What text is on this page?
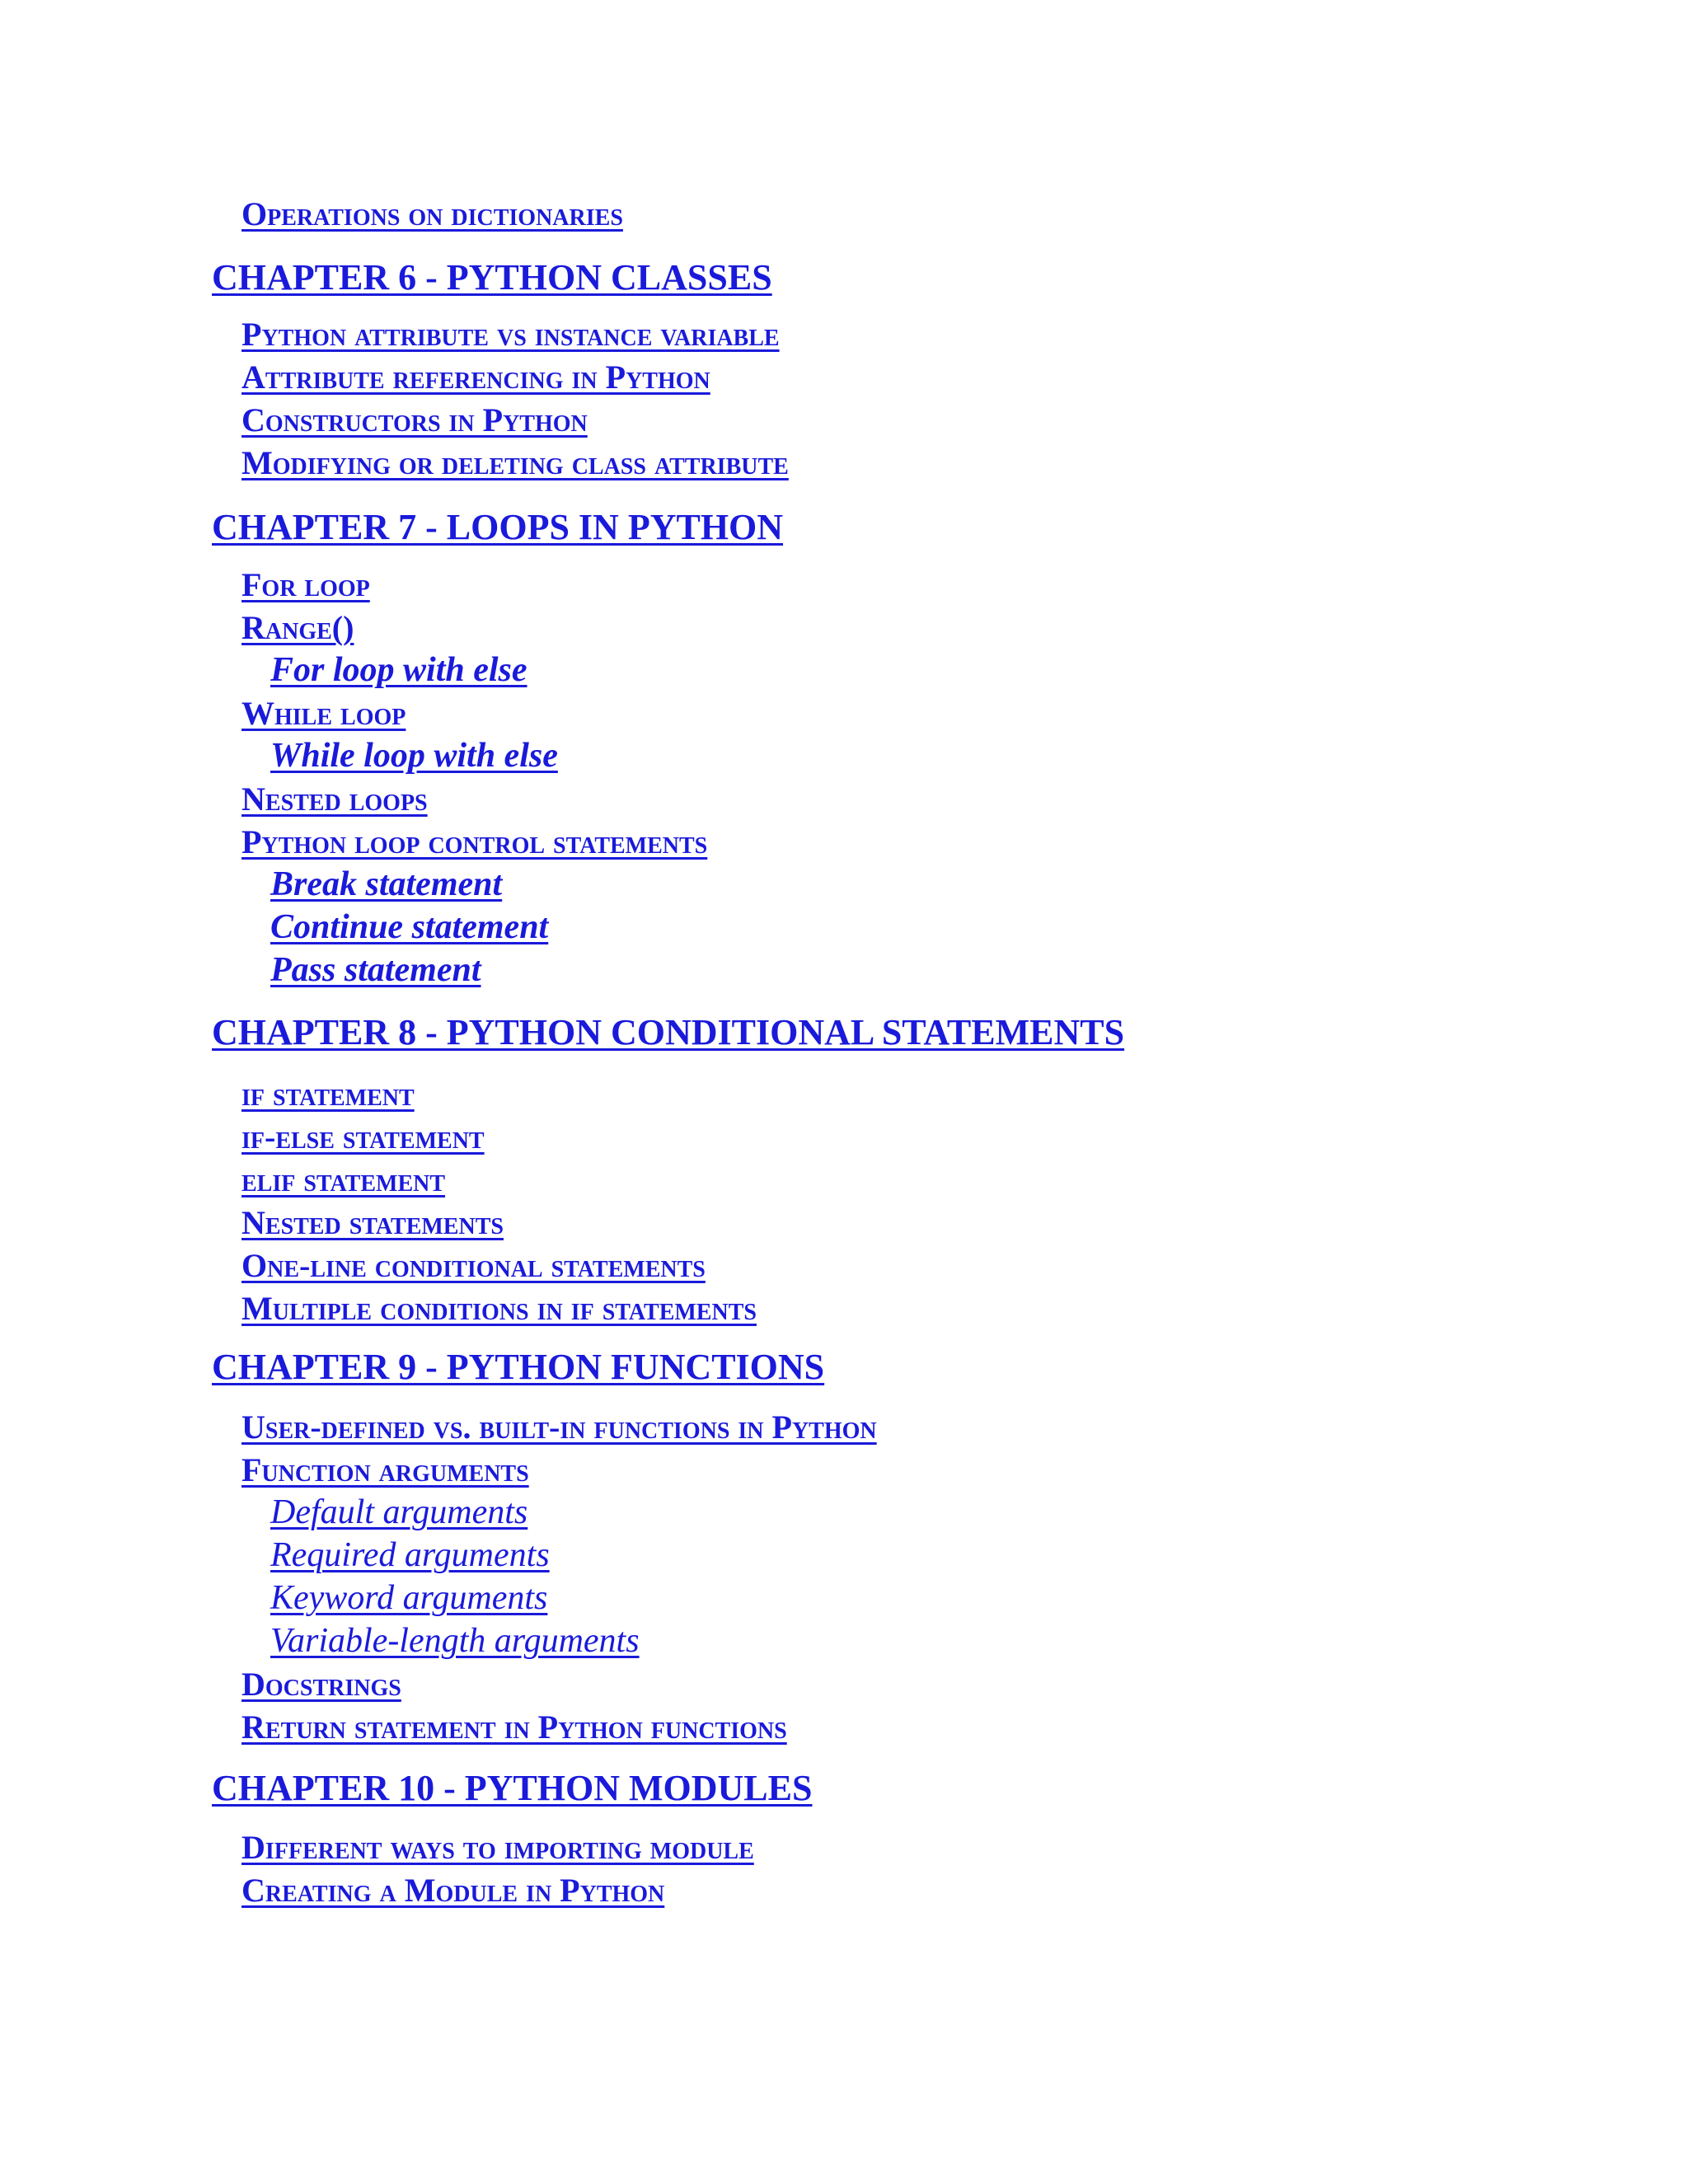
Operations on dictionaries
CHAPTER 6 - PYTHON CLASSES
Python attribute vs instance variable
Attribute referencing in Python
Constructors in Python
Modifying or deleting class attribute
CHAPTER 7 - LOOPS IN PYTHON
For loop
Range()
For loop with else
While loop
While loop with else
Nested loops
Python loop control statements
Break statement
Continue statement
Pass statement
CHAPTER 8 - PYTHON CONDITIONAL STATEMENTS
if statement
if-else statement
elif statement
Nested statements
One-line conditional statements
Multiple conditions in if statements
CHAPTER 9 - PYTHON FUNCTIONS
User-defined vs. built-in functions in Python
Function arguments
Default arguments
Required arguments
Keyword arguments
Variable-length arguments
Docstrings
Return statement in Python functions
CHAPTER 10 - PYTHON MODULES
Different ways to importing module
Creating a Module in Python
